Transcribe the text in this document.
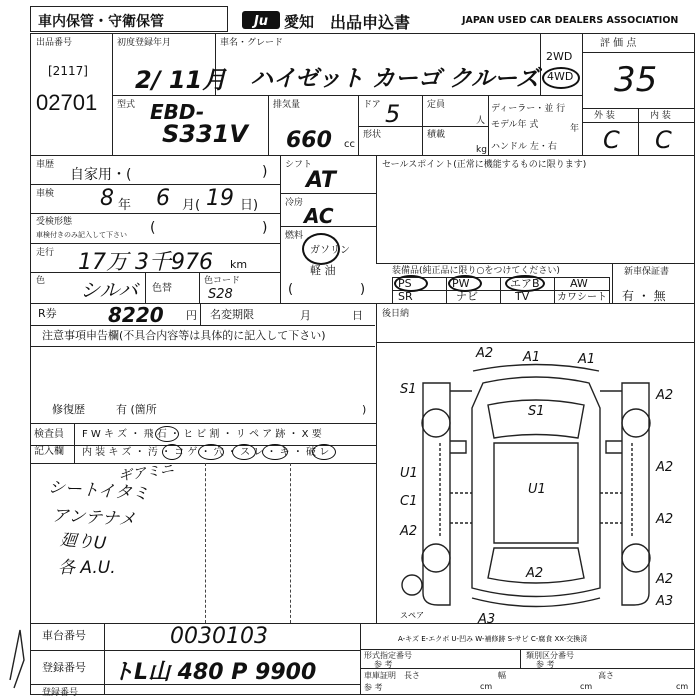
車内保管・守衛保管	Ju 愛知 出品申込書	JAPAN USED CAR DEALERS ASSOCIATION
出品番号
[2117]
02701
初度登録年月
2/ 11月
車名・グレード
ハイゼット カーゴ クルーズ
2WD
4WD
評 価 点
35
外 装	内 装
C C
型式 EBD-
S331V
排気量
660 cc
ドア 5
形状
定員
人
積載
kg
ディーラー・並 行
モデル年 式	年
ハンドル 左・右
車歴
自家用・(	)
車検 8 年 6 月( 19 日)
受検形態
車検付きのみ記入して下さい (	)
走行 17万 3千976 km
色 シルバ 色替
色コード
S28
シフト
AT
冷房
AC
燃料
ガソリン
軽 油
(	)
セールスポイント(正常に機能するものに限ります)
装備品(純正品に限り○をつけてください)
PS	PW	エアB	AW
SR	ナビ	TV	カワシート
新車保証書
有 ・ 無
R券	8220 円 名変期限	月	日 後日納
注意事項申告欄(不具合内容等は具体的に記入して下さい)
修復歴	有 (箇所	)
検査員
記入欄
F W キ ズ ・ 飛 石 ・ ヒ ビ 割 ・ リ ペ ア 跡 ・ X 要
内 装 キ ズ ・ 汚 ・ コ ゲ ・ 穴 ・ ス レ ・ キ ・ 破 レ
ギアミニ
シートイタミ
アンテナメ
廻りU
各 A.U.
スペア
A2 A1	A1
S1
S1
A2
U1
C1
A2
U1
A2
A2
A2
A3
A2
A3
A-キズ E-エクボ U-凹み W-補修跡 S-サビ C-腐食 XX-交換済
車台番号	0030103
登録番号 トL山 480 P 9900
登録番号
形式指定番号	類別区分番号
参 考	参 考
車庫証明
参 考
長さ
cm
幅
cm
高さ
cm
